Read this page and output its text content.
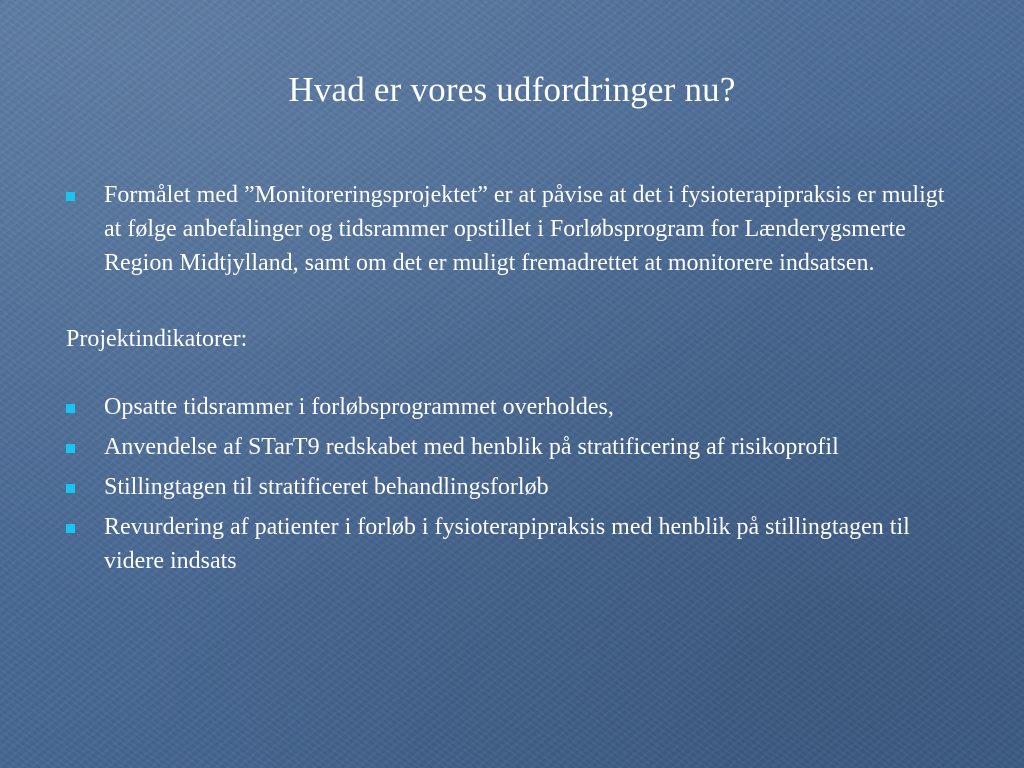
Hvad er vores udfordringer nu?

Formålet med ”Monitoreringsprojektet” er at påvise at det i fysioterapipraksis er muligt at følge anbefalinger og tidsrammer opstillet i Forløbsprogram for Lænderygsmerte Region Midtjylland, samt om det er muligt fremadrettet at monitorere indsatsen.

Projektindikatorer:

Opsatte tidsrammer i forløbsprogrammet overholdes,

Anvendelse af STarT9 redskabet med henblik på stratificering af risikoprofil

Stillingtagen til stratificeret behandlingsforløb

Revurdering af patienter i forløb i fysioterapipraksis med henblik på stillingtagen til videre indsats
